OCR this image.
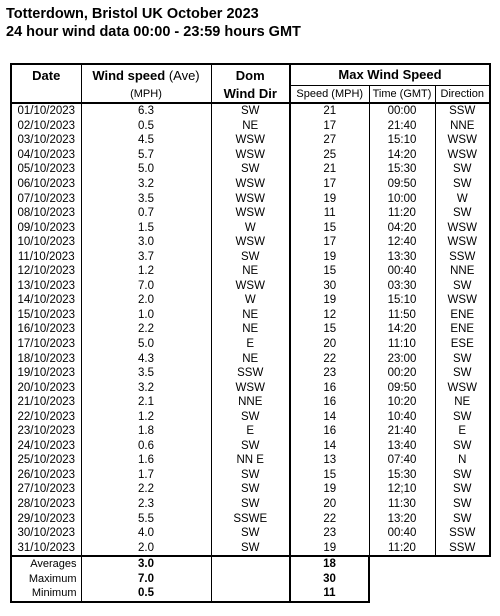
Totterdown, Bristol UK October 2023
24 hour wind data 00:00 - 23:59 hours GMT
Date	Wind speed (Ave)	Dom	Max Wind Speed		
	(MPH)	Wind Dir	Speed (MPH)	Time (GMT)	Direction
01/10/2023	6.3	SW	21	00:00	SSW
02/10/2023	0.5	NE	17	21:40	NNE
03/10/2023	4.5	WSW	27	15:10	WSW
04/10/2023	5.7	WSW	25	14:20	WSW
05/10/2023	5.0	SW	21	15:30	SW
06/10/2023	3.2	WSW	17	09:50	SW
07/10/2023	3.5	WSW	19	10:00	W
08/10/2023	0.7	WSW	11	11:20	SW
09/10/2023	1.5	W	15	04:20	WSW
10/10/2023	3.0	WSW	17	12:40	WSW
11/10/2023	3.7	SW	19	13:30	SSW
12/10/2023	1.2	NE	15	00:40	NNE
13/10/2023	7.0	WSW	30	03:30	SW
14/10/2023	2.0	W	19	15:10	WSW
15/10/2023	1.0	NE	12	11:50	ENE
16/10/2023	2.2	NE	15	14:20	ENE
17/10/2023	5.0	E	20	11:10	ESE
18/10/2023	4.3	NE	22	23:00	SW
19/10/2023	3.5	SSW	23	00:20	SW
20/10/2023	3.2	WSW	16	09:50	WSW
21/10/2023	2.1	NNE	16	10:20	NE
22/10/2023	1.2	SW	14	10:40	SW
23/10/2023	1.8	E	16	21:40	E
24/10/2023	0.6	SW	14	13:40	SW
25/10/2023	1.6	NN E	13	07:40	N
26/10/2023	1.7	SW	15	15:30	SW
27/10/2023	2.2	SW	19	12;10	SW
28/10/2023	2.3	SW	20	11:30	SW
29/10/2023	5.5	SSWE	22	13:20	SW
30/10/2023	4.0	SW	23	00:40	SSW
31/10/2023	2.0	SW	19	11:20	SSW
Averages	3.0		18		
Maximum	7.0		30		
Minimum	0.5		11		
